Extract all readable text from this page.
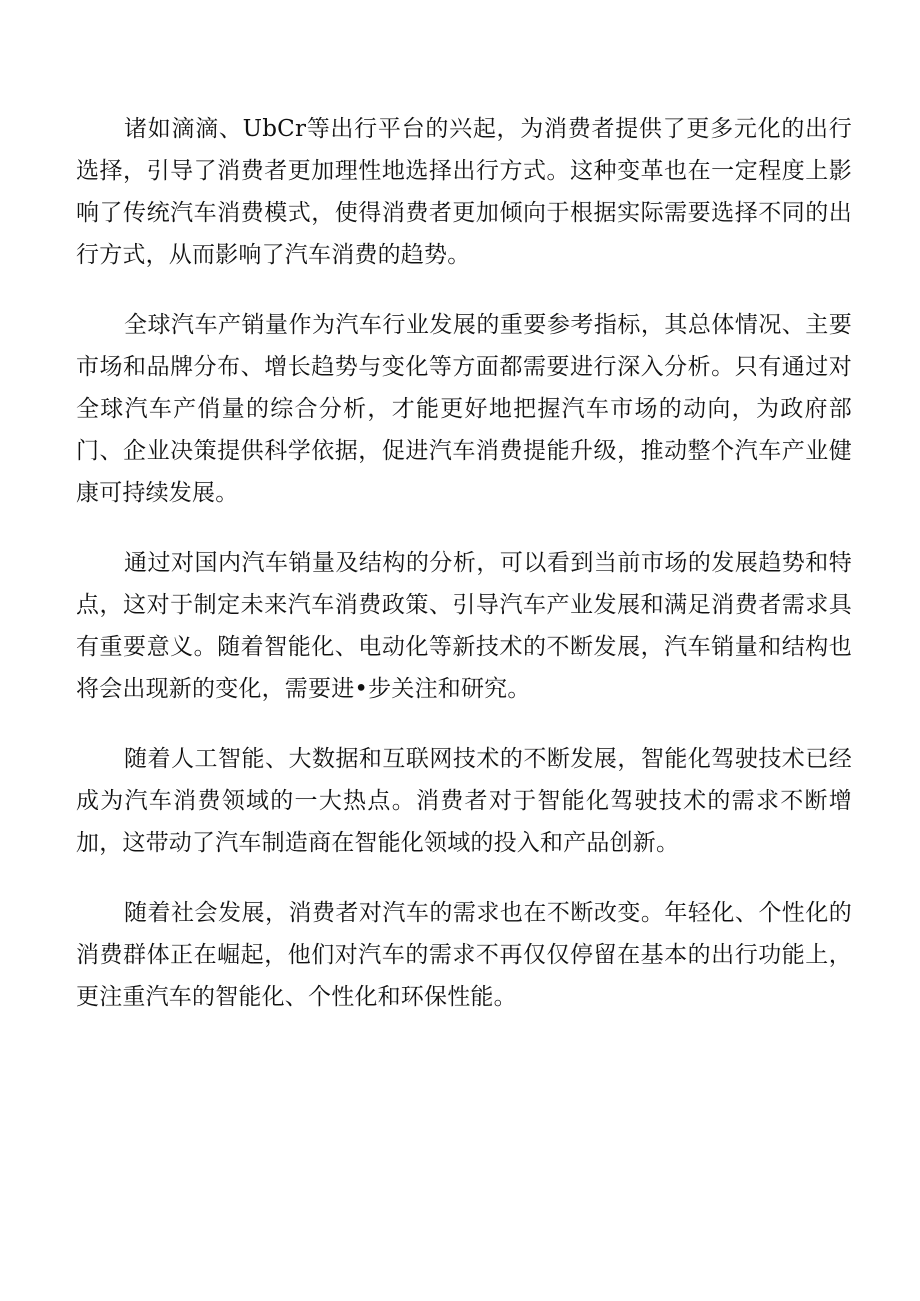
诸如滴滴、UbCr等出行平台的兴起，为消费者提供了更多元化的出行选择，引导了消费者更加理性地选择出行方式。这种变革也在一定程度上影响了传统汽车消费模式，使得消费者更加倾向于根据实际需要选择不同的出行方式，从而影响了汽车消费的趋势。

全球汽车产销量作为汽车行业发展的重要参考指标，其总体情况、主要市场和品牌分布、增长趋势与变化等方面都需要进行深入分析。只有通过对全球汽车产俏量的综合分析，才能更好地把握汽车市场的动向，为政府部门、企业决策提供科学依据，促进汽车消费提能升级，推动整个汽车产业健康可持续发展。

通过对国内汽车销量及结构的分析，可以看到当前市场的发展趋势和特点，这对于制定未来汽车消费政策、引导汽车产业发展和满足消费者需求具有重要意义。随着智能化、电动化等新技术的不断发展，汽车销量和结构也将会出现新的变化，需要进•步关注和研究。

随着人工智能、大数据和互联网技术的不断发展，智能化驾驶技术已经成为汽车消费领域的一大热点。消费者对于智能化驾驶技术的需求不断增加，这带动了汽车制造商在智能化领域的投入和产品创新。

随着社会发展，消费者对汽车的需求也在不断改变。年轻化、个性化的消费群体正在崛起，他们对汽车的需求不再仅仅停留在基本的出行功能上，更注重汽车的智能化、个性化和环保性能。
